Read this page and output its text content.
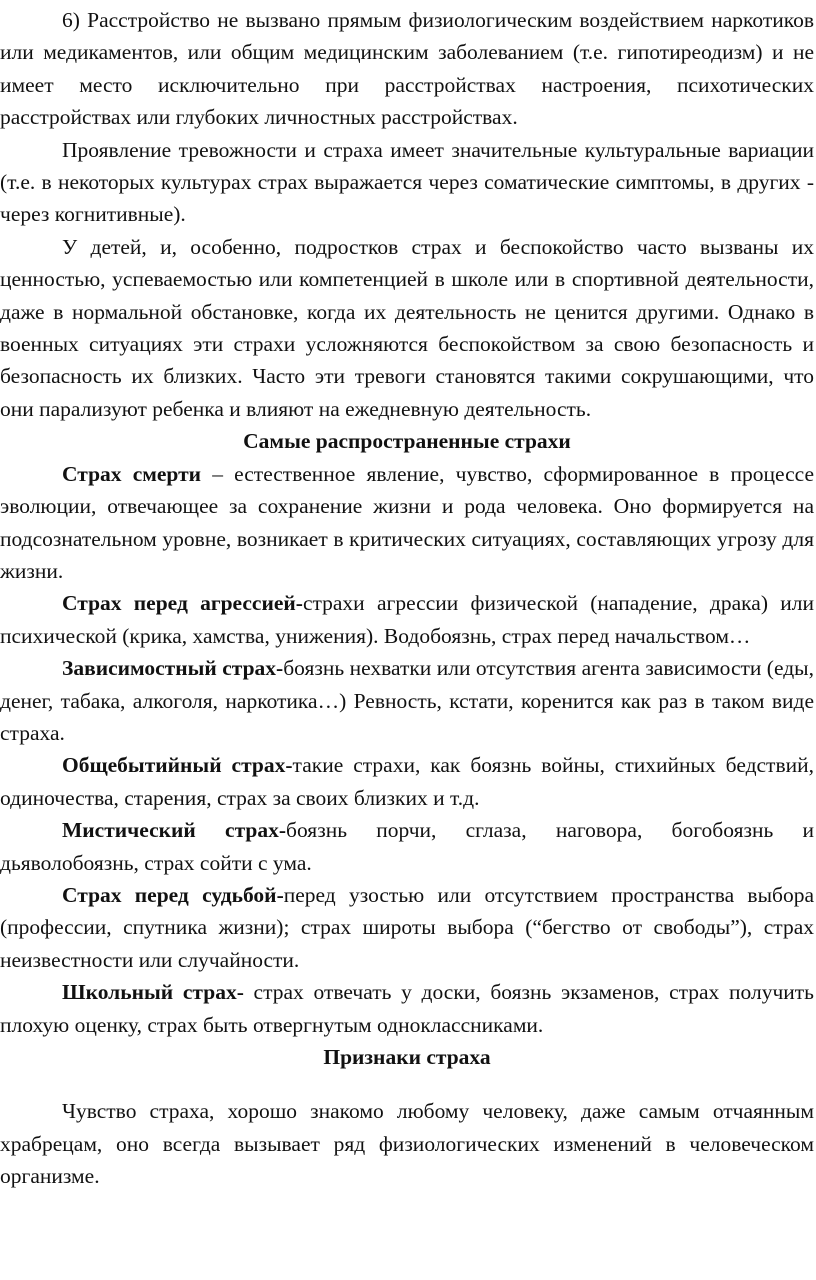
6) Расстройство не вызвано прямым физиологическим воздействием наркотиков или медикаментов, или общим медицинским заболеванием (т.е. гипотиреодизм) и не имеет место исключительно при расстройствах настроения, психотических расстройствах или глубоких личностных расстройствах.

Проявление тревожности и страха имеет значительные культуральные вариации (т.е. в некоторых культурах страх выражается через соматические симптомы, в других - через когнитивные).

У детей, и, особенно, подростков страх и беспокойство часто вызваны их ценностью, успеваемостью или компетенцией в школе или в спортивной деятельности, даже в нормальной обстановке, когда их деятельность не ценится другими. Однако в военных ситуациях эти страхи усложняются беспокойством за свою безопасность и безопасность их близких. Часто эти тревоги становятся такими сокрушающими, что они парализуют ребенка и влияют на ежедневную деятельность.

Самые распространенные страхи

Страх смерти – естественное явление, чувство, сформированное в процессе эволюции, отвечающее за сохранение жизни и рода человека. Оно формируется на подсознательном уровне, возникает в критических ситуациях, составляющих угрозу для жизни.

Страх перед агрессией-страхи агрессии физической (нападение, драка) или психической (крика, хамства, унижения). Водобоязнь, страх перед начальством…

Зависимостный страх-боязнь нехватки или отсутствия агента зависимости (еды, денег, табака, алкоголя, наркотика…) Ревность, кстати, коренится как раз в таком виде страха.

Общебытийный страх-такие страхи, как боязнь войны, стихийных бедствий, одиночества, старения, страх за своих близких и т.д.

Мистический страх-боязнь порчи, сглаза, наговора, богобоязнь и дьяволобоязнь, страх сойти с ума.

Страх перед судьбой-перед узостью или отсутствием пространства выбора (профессии, спутника жизни); страх широты выбора (“бегство от свободы”), страх неизвестности или случайности.

Школьный страх- страх отвечать у доски, боязнь экзаменов, страх получить плохую оценку, страх быть отвергнутым одноклассниками.

Признаки страха

Чувство страха, хорошо знакомо любому человеку, даже самым отчаянным храбрецам, оно всегда вызывает ряд физиологических изменений в человеческом организме.
